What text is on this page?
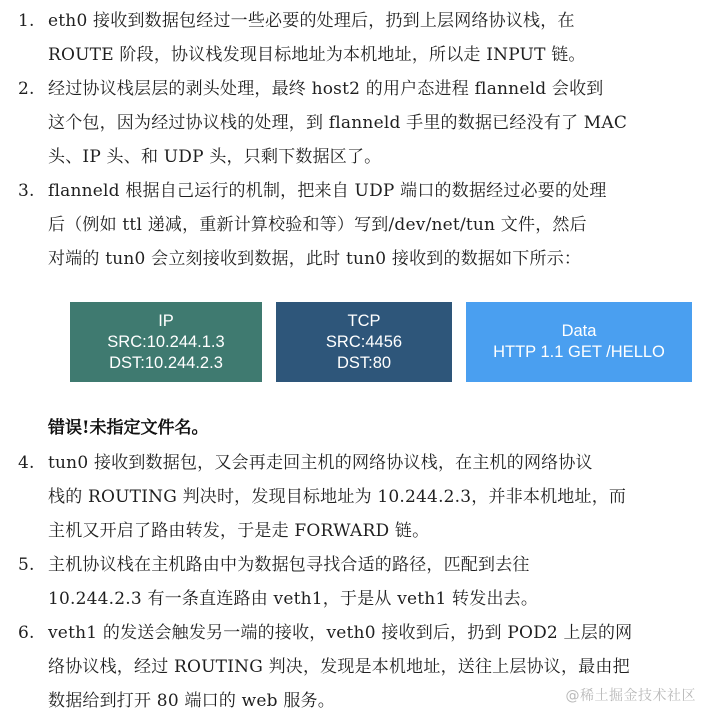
1. eth0 接收到数据包经过一些必要的处理后，扔到上层网络协议栈，在
ROUTE 阶段，协议栈发现目标地址为本机地址，所以走 INPUT 链。
2. 经过协议栈层层的剥头处理，最终 host2 的用户态进程 flanneld 会收到
这个包，因为经过协议栈的处理，到 flanneld 手里的数据已经没有了 MAC
头、IP 头、和 UDP 头，只剩下数据区了。
3. flanneld 根据自己运行的机制，把来自 UDP 端口的数据经过必要的处理
后（例如 ttl 递减，重新计算校验和等）写到/dev/net/tun 文件，然后
对端的 tun0 会立刻接收到数据，此时 tun0 接收到的数据如下所示：
IP
SRC:10.244.1.3
DST:10.244.2.3
TCP
SRC:4456
DST:80
Data
HTTP 1.1 GET /HELLO
错误!未指定文件名。
4. tun0 接收到数据包，又会再走回主机的网络协议栈，在主机的网络协议
栈的 ROUTING 判决时，发现目标地址为 10.244.2.3，并非本机地址，而
主机又开启了路由转发，于是走 FORWARD 链。
5. 主机协议栈在主机路由中为数据包寻找合适的路径，匹配到去往
10.244.2.3 有一条直连路由 veth1，于是从 veth1 转发出去。
6. veth1 的发送会触发另一端的接收，veth0 接收到后，扔到 POD2 上层的网
络协议栈，经过 ROUTING 判决，发现是本机地址，送往上层协议，最由把
数据给到打开 80 端口的 web 服务。	@稀土掘金技术社区
